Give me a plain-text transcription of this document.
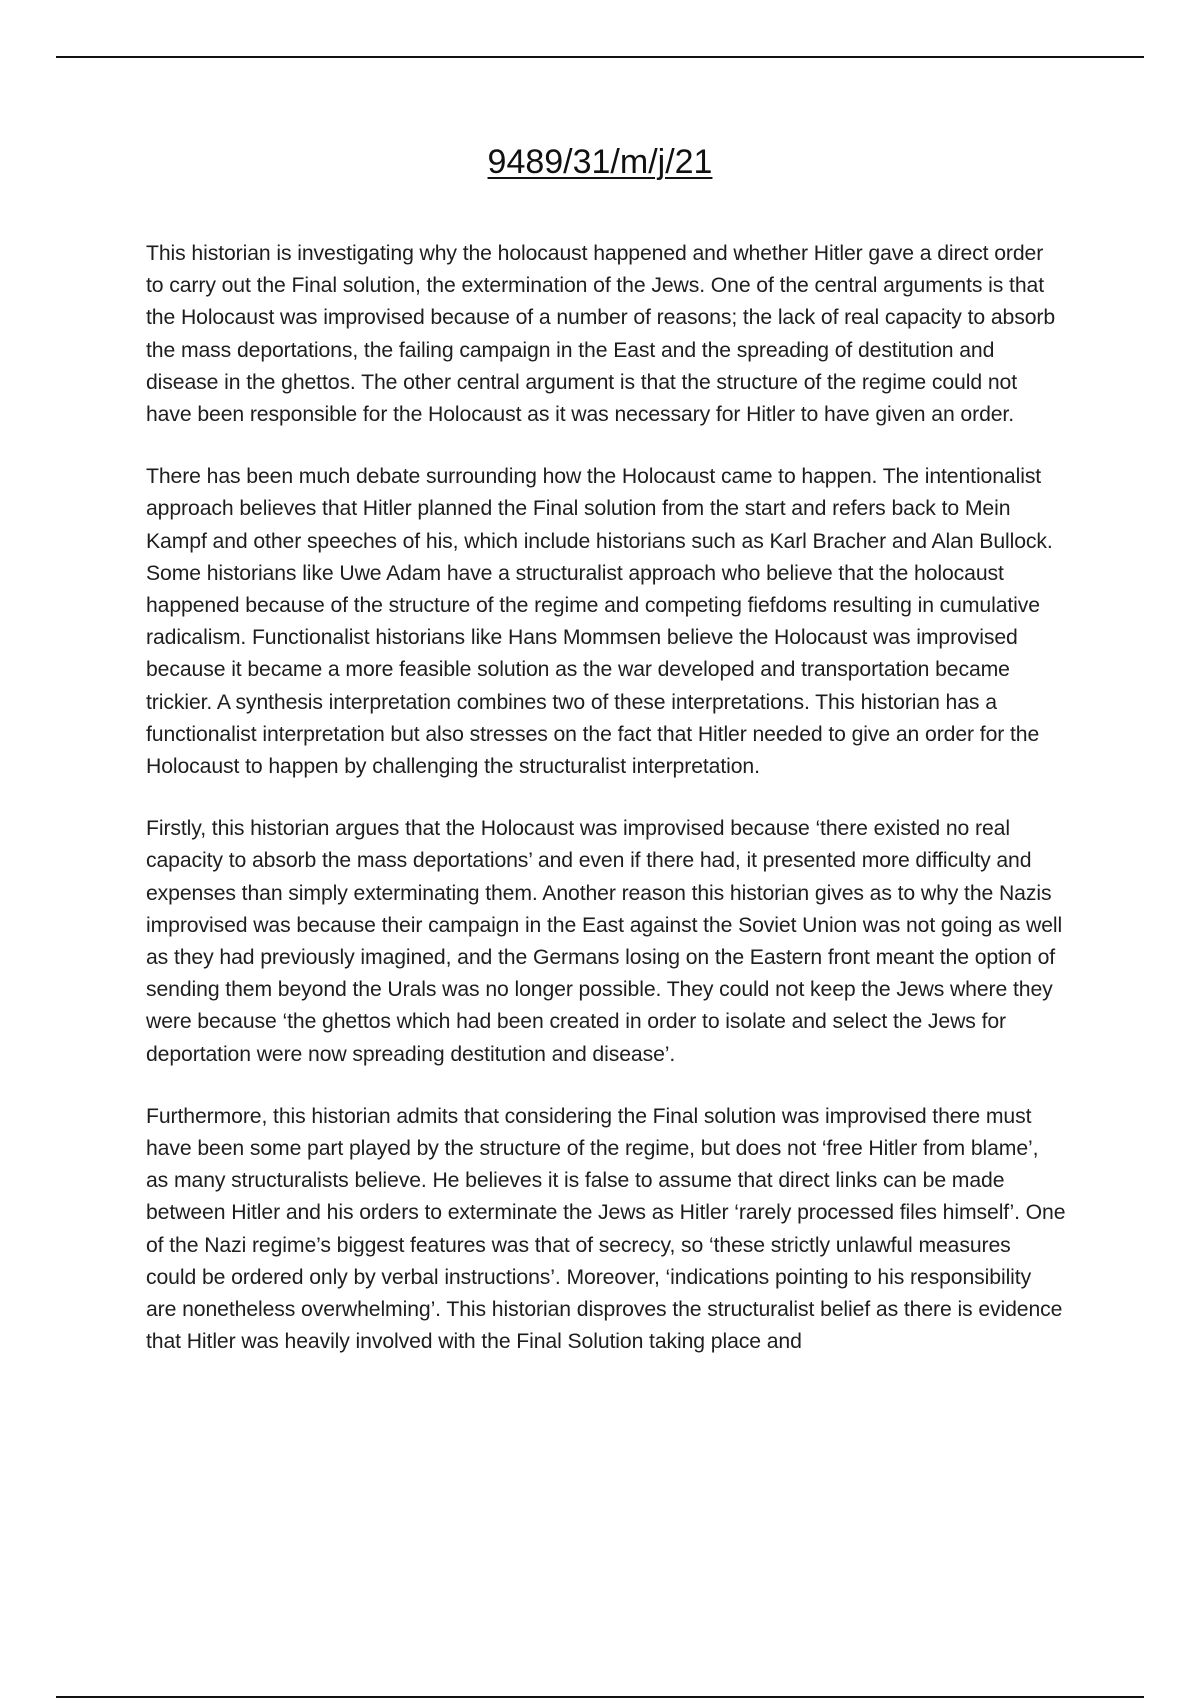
9489/31/m/j/21

This historian is investigating why the holocaust happened and whether Hitler gave a direct order to carry out the Final solution, the extermination of the Jews. One of the central arguments is that the Holocaust was improvised because of a number of reasons; the lack of real capacity to absorb the mass deportations, the failing campaign in the East and the spreading of destitution and disease in the ghettos. The other central argument is that the structure of the regime could not have been responsible for the Holocaust as it was necessary for Hitler to have given an order.

There has been much debate surrounding how the Holocaust came to happen. The intentionalist approach believes that Hitler planned the Final solution from the start and refers back to Mein Kampf and other speeches of his, which include historians such as Karl Bracher and Alan Bullock. Some historians like Uwe Adam have a structuralist approach who believe that the holocaust happened because of the structure of the regime and competing fiefdoms resulting in cumulative radicalism. Functionalist historians like Hans Mommsen believe the Holocaust was improvised because it became a more feasible solution as the war developed and transportation became trickier. A synthesis interpretation combines two of these interpretations. This historian has a functionalist interpretation but also stresses on the fact that Hitler needed to give an order for the Holocaust to happen by challenging the structuralist interpretation.

Firstly, this historian argues that the Holocaust was improvised because ‘there existed no real capacity to absorb the mass deportations’ and even if there had, it presented more difficulty and expenses than simply exterminating them. Another reason this historian gives as to why the Nazis improvised was because their campaign in the East against the Soviet Union was not going as well as they had previously imagined, and the Germans losing on the Eastern front meant the option of sending them beyond the Urals was no longer possible. They could not keep the Jews where they were because ‘the ghettos which had been created in order to isolate and select the Jews for deportation were now spreading destitution and disease’.

Furthermore, this historian admits that considering the Final solution was improvised there must have been some part played by the structure of the regime, but does not ‘free Hitler from blame’, as many structuralists believe. He believes it is false to assume that direct links can be made between Hitler and his orders to exterminate the Jews as Hitler ‘rarely processed files himself’. One of the Nazi regime’s biggest features was that of secrecy, so ‘these strictly unlawful measures could be ordered only by verbal instructions’. Moreover, ‘indications pointing to his responsibility are nonetheless overwhelming’. This historian disproves the structuralist belief as there is evidence that Hitler was heavily involved with the Final Solution taking place and
